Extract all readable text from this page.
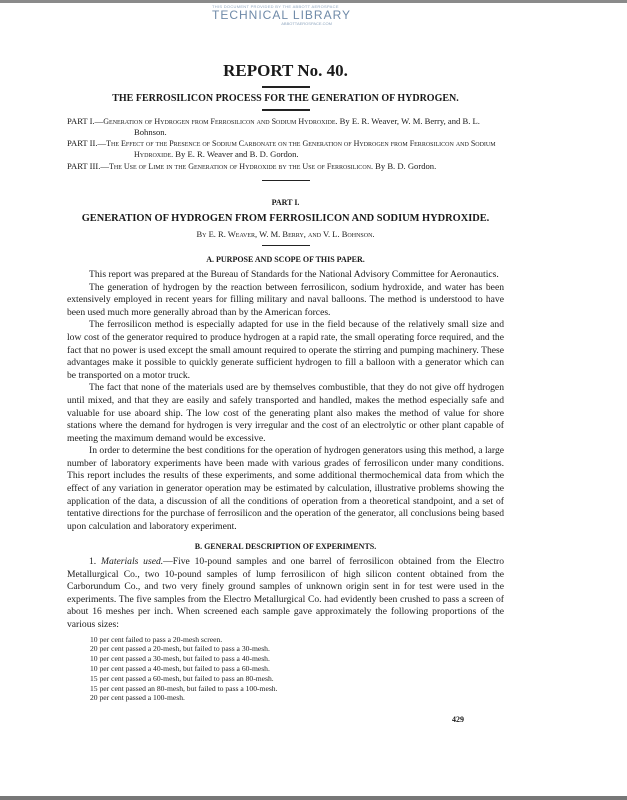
THIS DOCUMENT PROVIDED BY THE ABBOTT AEROSPACE
TECHNICAL LIBRARY
ABBOTTAEROSPACE.COM
REPORT No. 40.
THE FERROSILICON PROCESS FOR THE GENERATION OF HYDROGEN.
PART I.—Generation of Hydrogen from Ferrosilicon and Sodium Hydroxide. By E. R. Weaver, W. M. Berry, and B. L. Bohnson.
PART II.—The Effect of the Presence of Sodium Carbonate on the Generation of Hydrogen from Ferrosilicon and Sodium Hydroxide. By E. R. Weaver and B. D. Gordon.
PART III.—The Use of Lime in the Generation of Hydroxide by the Use of Ferrosilicon. By B. D. Gordon.
PART I.
GENERATION OF HYDROGEN FROM FERROSILICON AND SODIUM HYDROXIDE.
By E. R. Weaver, W. M. Berry, and V. L. Bohnson.
A. PURPOSE AND SCOPE OF THIS PAPER.

This report was prepared at the Bureau of Standards for the National Advisory Committee for Aeronautics.

The generation of hydrogen by the reaction between ferrosilicon, sodium hydroxide, and water has been extensively employed in recent years for filling military and naval balloons. The method is understood to have been used much more generally abroad than by the American forces.

The ferrosilicon method is especially adapted for use in the field because of the relatively small size and low cost of the generator required to produce hydrogen at a rapid rate, the small operating force required, and the fact that no power is used except the small amount required to operate the stirring and pumping machinery. These advantages make it possible to quickly generate sufficient hydrogen to fill a balloon with a generator which can be transported on a motor truck.

The fact that none of the materials used are by themselves combustible, that they do not give off hydrogen until mixed, and that they are easily and safely transported and handled, makes the method especially safe and valuable for use aboard ship. The low cost of the generating plant also makes the method of value for shore stations where the demand for hydrogen is very irregular and the cost of an electrolytic or other plant capable of meeting the maximum demand would be excessive.

In order to determine the best conditions for the operation of hydrogen generators using this method, a large number of laboratory experiments have been made with various grades of ferrosilicon under many conditions. This report includes the results of these experiments, and some additional thermochemical data from which the effect of any variation in generator operation may be estimated by calculation, illustrative problems showing the application of the data, a discussion of all the conditions of operation from a theoretical standpoint, and a set of tentative directions for the purchase of ferrosilicon and the operation of the generator, all conclusions being based upon calculation and laboratory experiment.

B. GENERAL DESCRIPTION OF EXPERIMENTS.

1. Materials used.—Five 10-pound samples and one barrel of ferrosilicon obtained from the Electro Metallurgical Co., two 10-pound samples of lump ferrosilicon of high silicon content obtained from the Carborundum Co., and two very finely ground samples of unknown origin sent in for test were used in the experiments. The five samples from the Electro Metallurgical Co. had evidently been crushed to pass a screen of about 16 meshes per inch. When screened each sample gave approximately the following proportions of the various sizes:

10 per cent failed to pass a 20-mesh screen.
20 per cent passed a 20-mesh, but failed to pass a 30-mesh.
10 per cent passed a 30-mesh, but failed to pass a 40-mesh.
10 per cent passed a 40-mesh, but failed to pass a 60-mesh.
15 per cent passed a 60-mesh, but failed to pass an 80-mesh.
15 per cent passed an 80-mesh, but failed to pass a 100-mesh.
20 per cent passed a 100-mesh.
429
